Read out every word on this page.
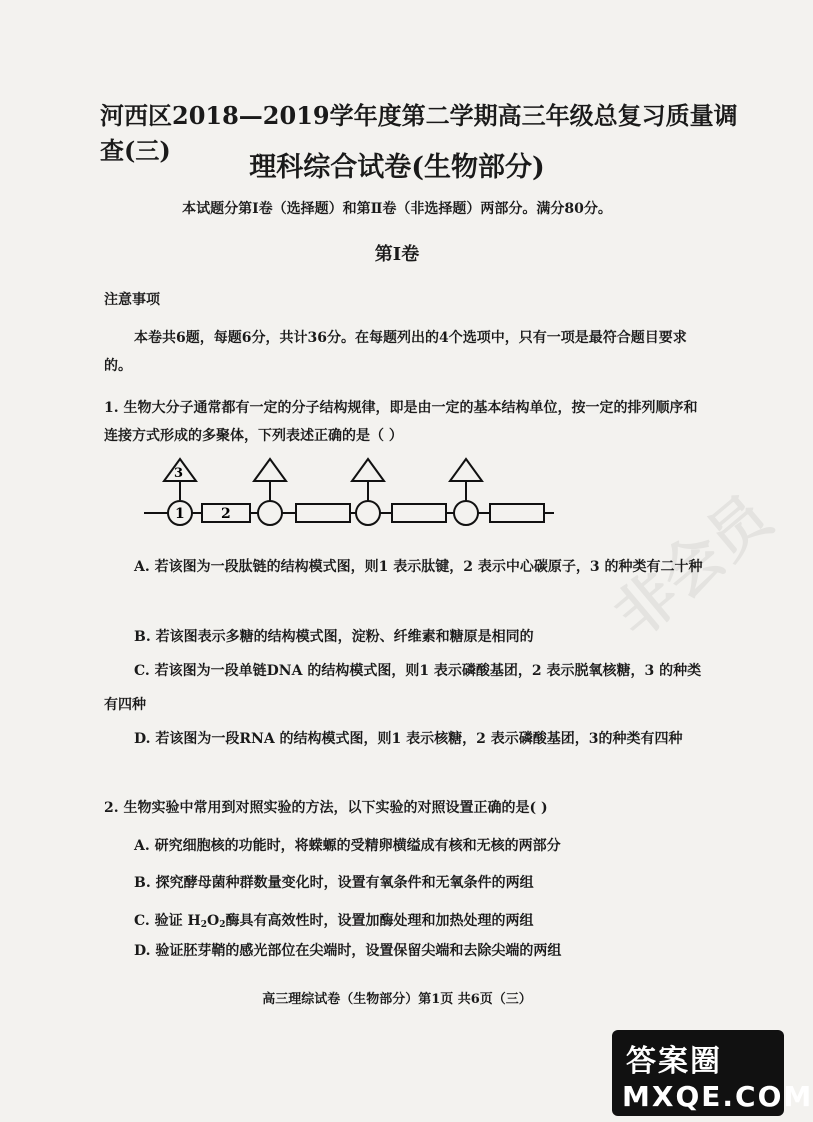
河西区2018—2019学年度第二学期高三年级总复习质量调查(三)
理科综合试卷(生物部分)
本试题分第Ⅰ卷（选择题）和第Ⅱ卷（非选择题）两部分。满分80分。
第Ⅰ卷
注意事项
本卷共6题，每题6分，共计36分。在每题列出的4个选项中，只有一项是最符合题目要求的。
1. 生物大分子通常都有一定的分子结构规律，即是由一定的基本结构单位，按一定的排列顺序和连接方式形成的多聚体，下列表述正确的是（ ）
3
1	2
A. 若该图为一段肽链的结构模式图，则1 表示肽键，2 表示中心碳原子，3 的种类有二十种
B. 若该图表示多糖的结构模式图，淀粉、纤维素和糖原是相同的
C. 若该图为一段单链DNA 的结构模式图，则1 表示磷酸基团，2 表示脱氧核糖，3 的种类有四种
D. 若该图为一段RNA 的结构模式图，则1 表示核糖，2 表示磷酸基团，3的种类有四种
2. 生物实验中常用到对照实验的方法，以下实验的对照设置正确的是( )
A. 研究细胞核的功能时，将蝾螈的受精卵横缢成有核和无核的两部分
B. 探究酵母菌种群数量变化时，设置有氧条件和无氧条件的两组
C. 验证 $H_2O_2$酶具有高效性时，设置加酶处理和加热处理的两组
D. 验证胚芽鞘的感光部位在尖端时，设置保留尖端和去除尖端的两组
高三理综试卷（生物部分）第1页 共6页（三）
非会员
答案圈
MXQE.COM
